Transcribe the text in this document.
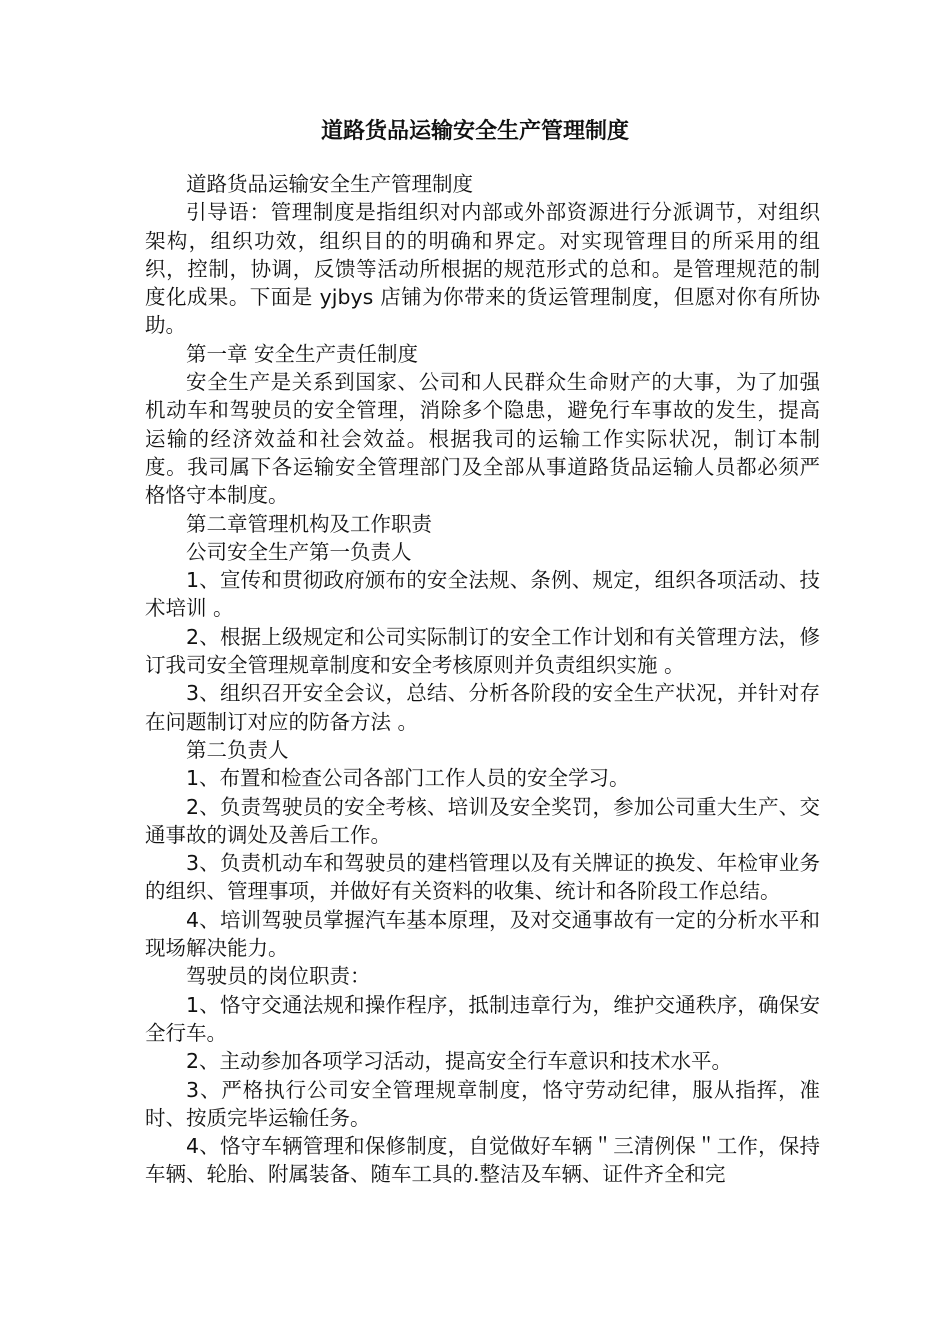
道路货品运输安全生产管理制度

道路货品运输安全生产管理制度

引导语：管理制度是指组织对内部或外部资源进行分派调节，对组织架构，组织功效，组织目的的明确和界定。对实现管理目的所采用的组织，控制，协调，反馈等活动所根据的规范形式的总和。是管理规范的制度化成果。下面是 yjbys 店铺为你带来的货运管理制度，但愿对你有所协助。

第一章 安全生产责任制度

安全生产是关系到国家、公司和人民群众生命财产的大事，为了加强机动车和驾驶员的安全管理，消除多个隐患，避免行车事故的发生，提高运输的经济效益和社会效益。根据我司的运输工作实际状况，制订本制度。我司属下各运输安全管理部门及全部从事道路货品运输人员都必须严格恪守本制度。

第二章管理机构及工作职责

公司安全生产第一负责人

1、宣传和贯彻政府颁布的安全法规、条例、规定，组织各项活动、技术培训 。

2、根据上级规定和公司实际制订的安全工作计划和有关管理方法，修订我司安全管理规章制度和安全考核原则并负责组织实施 。

3、组织召开安全会议，总结、分析各阶段的安全生产状况，并针对存在问题制订对应的防备方法 。

第二负责人

1、布置和检查公司各部门工作人员的安全学习。

2、负责驾驶员的安全考核、培训及安全奖罚，参加公司重大生产、交通事故的调处及善后工作。

3、负责机动车和驾驶员的建档管理以及有关牌证的换发、年检审业务的组织、管理事项，并做好有关资料的收集、统计和各阶段工作总结。

4、培训驾驶员掌握汽车基本原理，及对交通事故有一定的分析水平和现场解决能力。

驾驶员的岗位职责：

1、恪守交通法规和操作程序，抵制违章行为，维护交通秩序，确保安全行车。

2、主动参加各项学习活动，提高安全行车意识和技术水平。

3、严格执行公司安全管理规章制度，恪守劳动纪律，服从指挥，准时、按质完毕运输任务。

4、恪守车辆管理和保修制度，自觉做好车辆＂三清例保＂工作，保持车辆、轮胎、附属装备、随车工具的.整洁及车辆、证件齐全和完
